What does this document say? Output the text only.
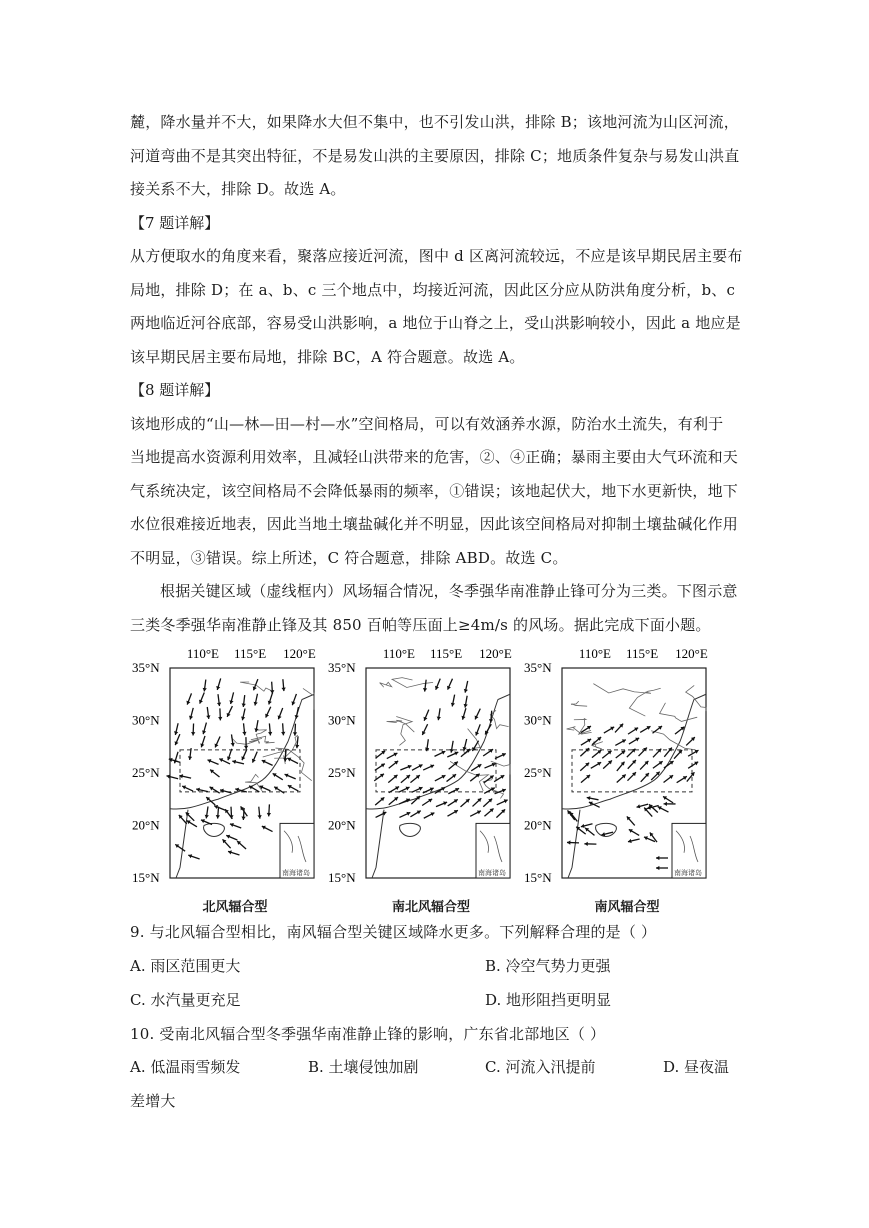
麓，降水量并不大，如果降水大但不集中，也不引发山洪，排除 B；该地河流为山区河流，

河道弯曲不是其突出特征，不是易发山洪的主要原因，排除 C；地质条件复杂与易发山洪直

接关系不大，排除 D。故选 A。

【7 题详解】

从方便取水的角度来看，聚落应接近河流，图中 d 区离河流较远，不应是该早期民居主要布

局地，排除 D；在 a、b、c 三个地点中，均接近河流，因此区分应从防洪角度分析，b、c

两地临近河谷底部，容易受山洪影响，a 地位于山脊之上，受山洪影响较小，因此 a 地应是

该早期民居主要布局地，排除 BC，A 符合题意。故选 A。

【8 题详解】

该地形成的“山—林—田—村—水”空间格局，可以有效涵养水源，防治水土流失，有利于

当地提高水资源利用效率，且减轻山洪带来的危害，②、④正确；暴雨主要由大气环流和天

气系统决定，该空间格局不会降低暴雨的频率，①错误；该地起伏大，地下水更新快，地下

水位很难接近地表，因此当地土壤盐碱化并不明显，因此该空间格局对抑制土壤盐碱化作用

不明显，③错误。综上所述，C 符合题意，排除 ABD。故选 C。

根据关键区域（虚线框内）风场辐合情况，冬季强华南准静止锋可分为三类。下图示意

三类冬季强华南准静止锋及其 850 百帕等压面上≥4m/s 的风场。据此完成下面小题。

110°E 115°E 120°E
35°N
30°N
25°N
20°N
15°N	南海诸岛
北风辐合型
110°E 115°E 120°E
35°N
30°N
25°N
20°N
15°N	南海诸岛
南北风辐合型
110°E 115°E 120°E
35°N
30°N
25°N
20°N
15°N	南海诸岛
南风辐合型

9. 与北风辐合型相比，南风辐合型关键区域降水更多。下列解释合理的是（ ）

A. 雨区范围更大	B. 冷空气势力更强
C. 水汽量更充足	D. 地形阻挡更明显

10. 受南北风辐合型冬季强华南准静止锋的影响，广东省北部地区（ ）

A. 低温雨雪频发	B. 土壤侵蚀加剧	C. 河流入汛提前	D. 昼夜温

差增大
